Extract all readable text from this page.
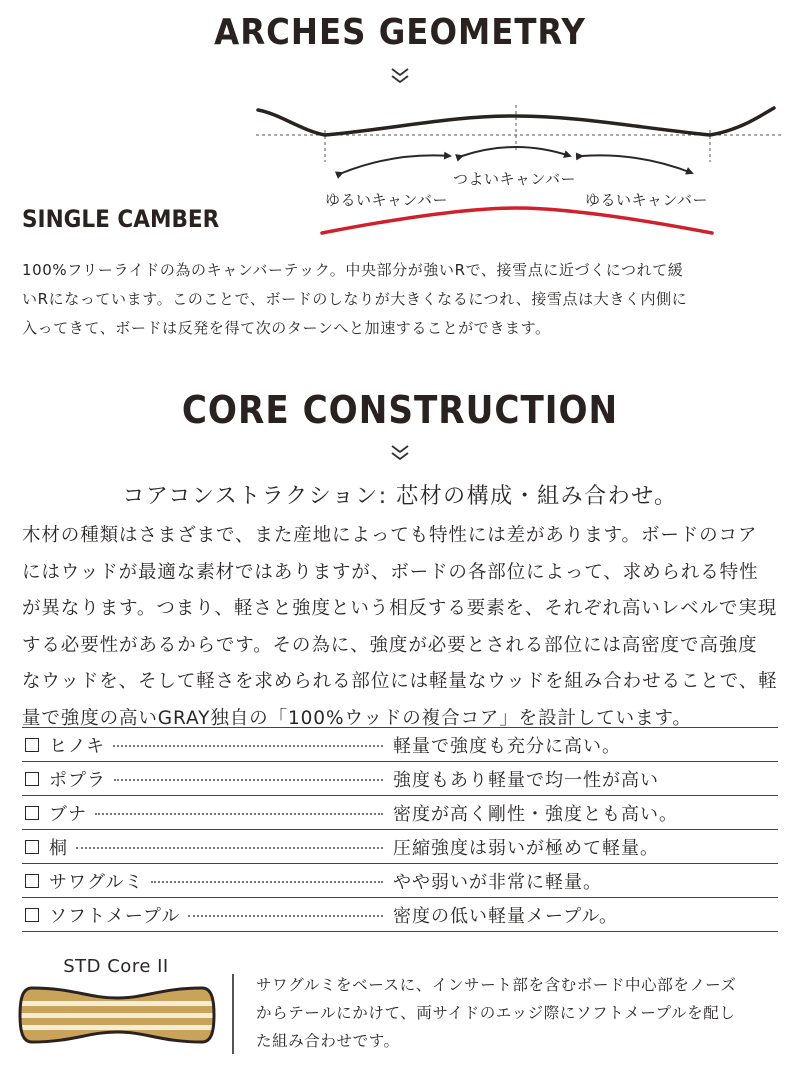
ARCHES GEOMETRY
ゆるいキャンバー
つよいキャンバー
ゆるいキャンバー
SINGLE CAMBER

100%フリーライドの為のキャンバーテック。中央部分が強いRで、接雪点に近づくにつれて緩

いRになっています。このことで、ボードのしなりが大きくなるにつれ、接雪点は大きく内側に

入ってきて、ボードは反発を得て次のターンへと加速することができます。

CORE CONSTRUCTION
コアコンストラクション: 芯材の構成・組み合わせ。

木材の種類はさまざまで、また産地によっても特性には差があります。ボードのコア

にはウッドが最適な素材ではありますが、ボードの各部位によって、求められる特性

が異なります。つまり、軽さと強度という相反する要素を、それぞれ高いレベルで実現

する必要性があるからです。その為に、強度が必要とされる部位には高密度で高強度

なウッドを、そして軽さを求められる部位には軽量なウッドを組み合わせることで、軽

量で強度の高いGRAY独自の「100%ウッドの複合コア」を設計しています。

ヒノキ	軽量で強度も充分に高い。
ポプラ	強度もあり軽量で均一性が高い
ブナ	密度が高く剛性・強度とも高い。
桐	圧縮強度は弱いが極めて軽量。
サワグルミ	やや弱いが非常に軽量。
ソフトメープル	密度の低い軽量メープル。
STD Core II

サワグルミをベースに、インサート部を含むボード中心部をノーズ

からテールにかけて、両サイドのエッジ際にソフトメープルを配し

た組み合わせです。
